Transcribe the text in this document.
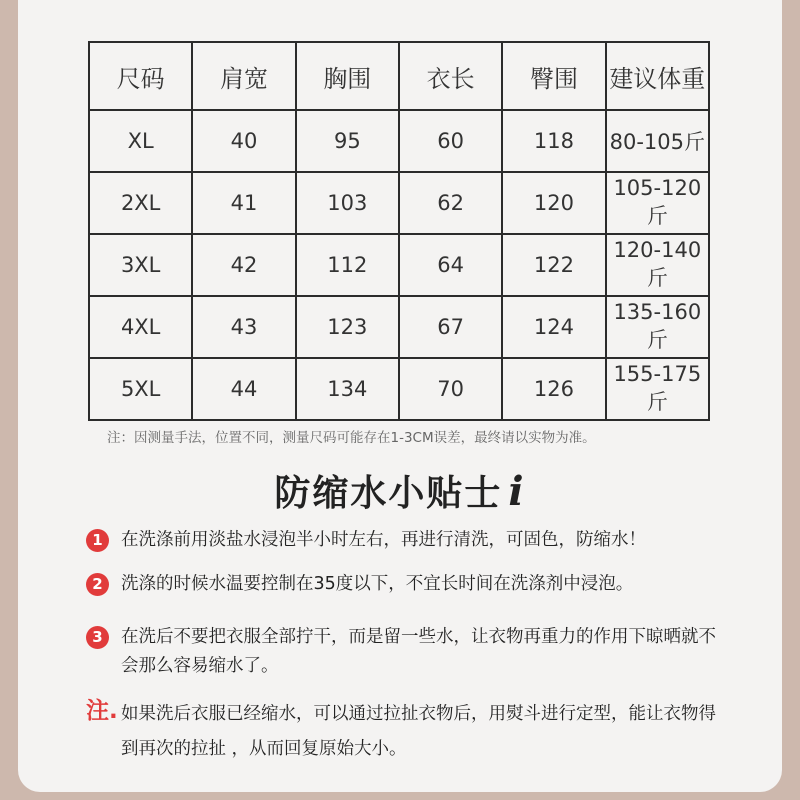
尺码	肩宽	胸围	衣长	臀围	建议体重
XL	40	95	60	118	80-105斤
2XL	41	103	62	120	105-120斤
3XL	42	112	64	122	120-140斤
4XL	43	123	67	124	135-160斤
5XL	44	134	70	126	155-175斤
注：因测量手法，位置不同，测量尺码可能存在1-3CM误差，最终请以实物为准。
防缩水小贴士 i
1	在洗涤前用淡盐水浸泡半小时左右，再进行清洗，可固色，防缩水！
2	洗涤的时候水温要控制在35度以下，不宜长时间在洗涤剂中浸泡。
3	在洗后不要把衣服全部拧干，而是留一些水，让衣物再重力的作用下晾晒就不会那么容易缩水了。
注. 如果洗后衣服已经缩水，可以通过拉扯衣物后，用熨斗进行定型，能让衣物得到再次的拉扯 ，从而回复原始大小。
